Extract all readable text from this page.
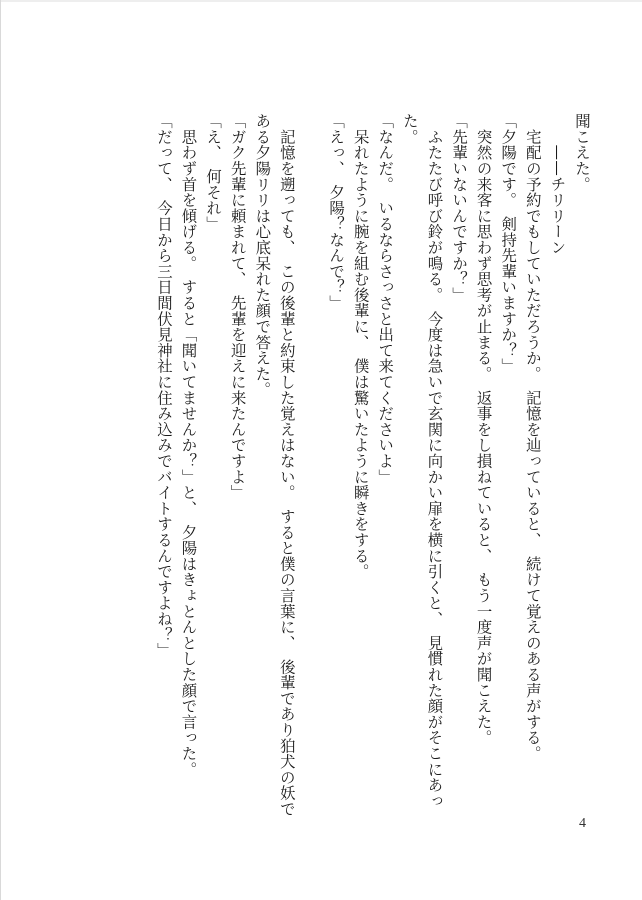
聞こえた。
　　——チリリーン
　宅配の予約でもしていただろうか。　記憶を辿っていると、　続けて覚えのある声がする。
「夕陽です。　剣持先輩いますか？」
　突然の来客に思わず思考が止まる。　返事をし損ねていると、　もう一度声が聞こえた。
「先輩いないんですか？」
　ふたたび呼び鈴が鳴る。　今度は急いで玄関に向かい扉を横に引くと、　見慣れた顔がそこにあっ
た。
「なんだ。　いるならさっさと出て来てくださいよ」
　呆れたように腕を組む後輩に、　僕は驚いたように瞬きをする。
「えっ、　夕陽？なんで？」

　記憶を遡っても、　この後輩と約束した覚えはない。　すると僕の言葉に、　後輩であり狛犬の妖で
ある夕陽リリは心底呆れた顔で答えた。
「ガク先輩に頼まれて、　先輩を迎えに来たんですよ」
「え、　何それ」
　思わず首を傾げる。　すると「聞いてませんか？」と、　夕陽はきょとんとした顔で言った。
「だって、　今日から三日間伏見神社に住み込みでバイトするんですよね？」
4
